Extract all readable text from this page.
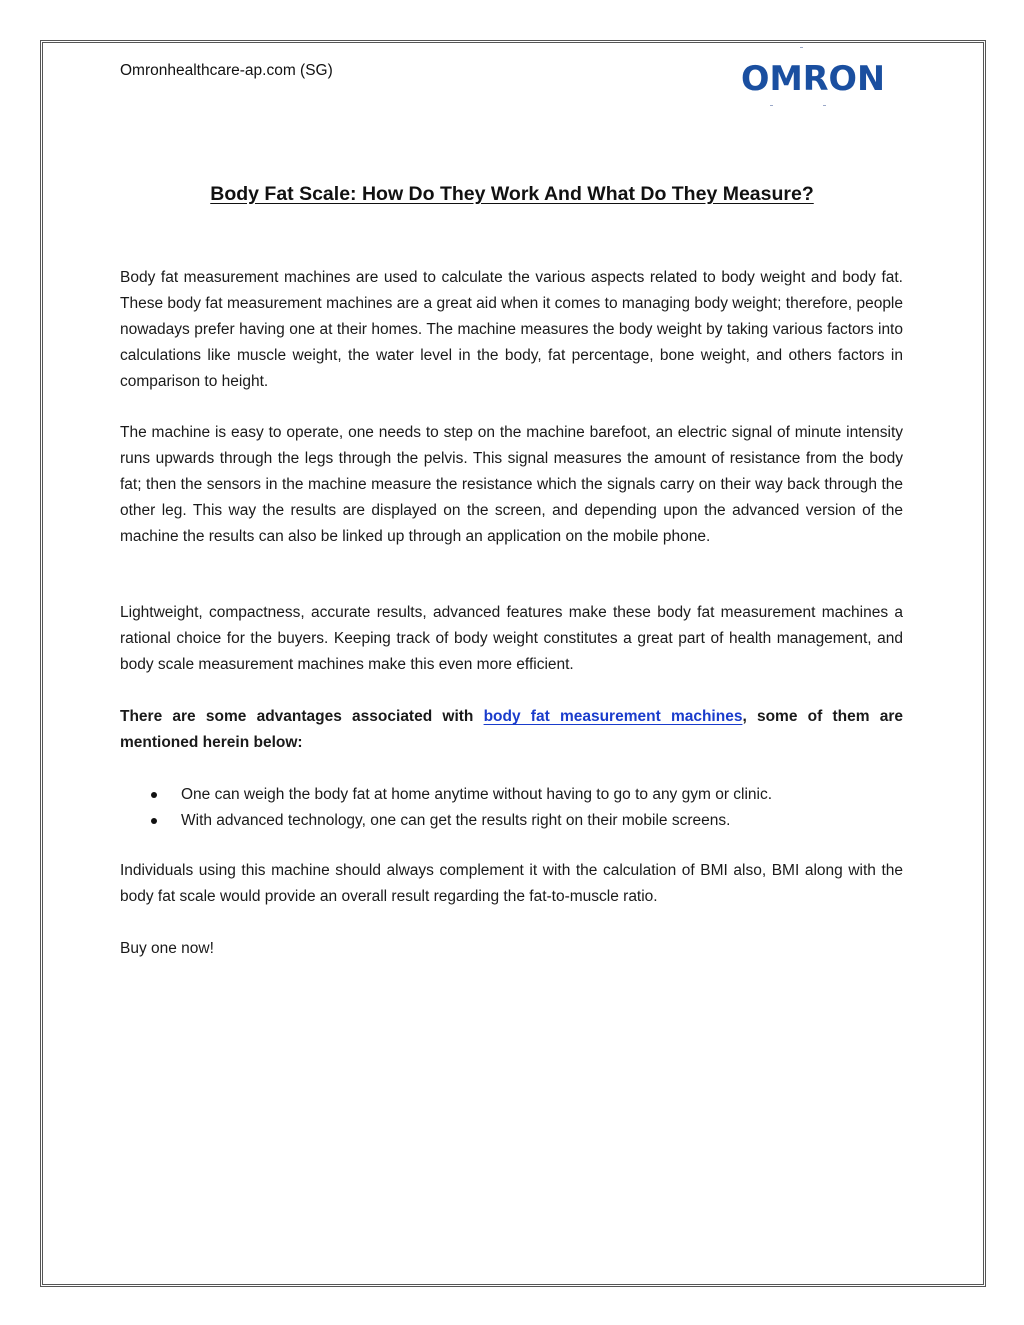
Omronhealthcare-ap.com (SG)	OMRON
Body Fat Scale: How Do They Work And What Do They Measure?

Body fat measurement machines are used to calculate the various aspects related to body weight and body fat. These body fat measurement machines are a great aid when it comes to managing body weight; therefore, people nowadays prefer having one at their homes. The machine measures the body weight by taking various factors into calculations like muscle weight, the water level in the body, fat percentage, bone weight, and others factors in comparison to height.

The machine is easy to operate, one needs to step on the machine barefoot, an electric signal of minute intensity runs upwards through the legs through the pelvis. This signal measures the amount of resistance from the body fat; then the sensors in the machine measure the resistance which the signals carry on their way back through the other leg. This way the results are displayed on the screen, and depending upon the advanced version of the machine the results can also be linked up through an application on the mobile phone.

Lightweight, compactness, accurate results, advanced features make these body fat measurement machines a rational choice for the buyers. Keeping track of body weight constitutes a great part of health management, and body scale measurement machines make this even more efficient.

There are some advantages associated with body fat measurement machines, some of them are mentioned herein below:

One can weigh the body fat at home anytime without having to go to any gym or clinic.
With advanced technology, one can get the results right on their mobile screens.

Individuals using this machine should always complement it with the calculation of BMI also, BMI along with the body fat scale would provide an overall result regarding the fat-to-muscle ratio.

Buy one now!
